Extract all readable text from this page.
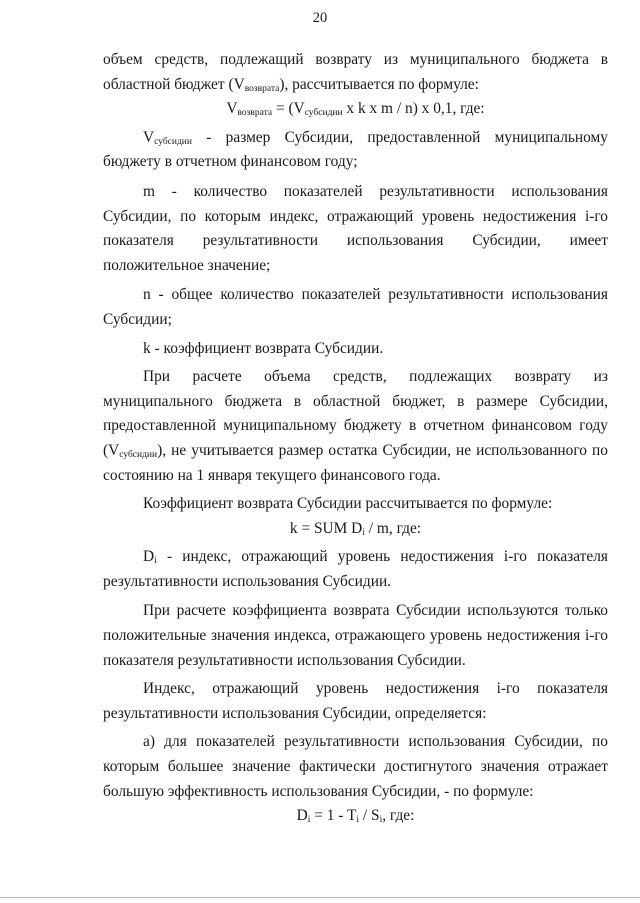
20

объем средств, подлежащий возврату из муниципального бюджета в областной бюджет $(V_{возврата})$, рассчитывается по формуле:

$V_{возврата} = (V_{субсидии}$ x k x m / n) x 0,1, где:

$V_{субсидии}$ - размер Субсидии, предоставленной муниципальному бюджету в отчетном финансовом году;

m - количество показателей результативности использования Субсидии, по которым индекс, отражающий уровень недостижения i-го показателя результативности использования Субсидии, имеет положительное значение;

n - общее количество показателей результативности использования Субсидии;

k - коэффициент возврата Субсидии.

При расчете объема средств, подлежащих возврату из муниципального бюджета в областной бюджет, в размере Субсидии, предоставленной муниципальному бюджету в отчетном финансовом году $(V_{субсидии})$, не учитывается размер остатка Субсидии, не использованного по состоянию на 1 января текущего финансового года.

Коэффициент возврата Субсидии рассчитывается по формуле:

k = SUM $D_i$ / m, где:

$D_i$ - индекс, отражающий уровень недостижения i-го показателя результативности использования Субсидии.

При расчете коэффициента возврата Субсидии используются только положительные значения индекса, отражающего уровень недостижения i-го показателя результативности использования Субсидии.

Индекс, отражающий уровень недостижения i-го показателя результативности использования Субсидии, определяется:

а) для показателей результативности использования Субсидии, по которым большее значение фактически достигнутого значения отражает большую эффективность использования Субсидии, - по формуле:

$D_i = 1 - T_i / S_i$, где:
